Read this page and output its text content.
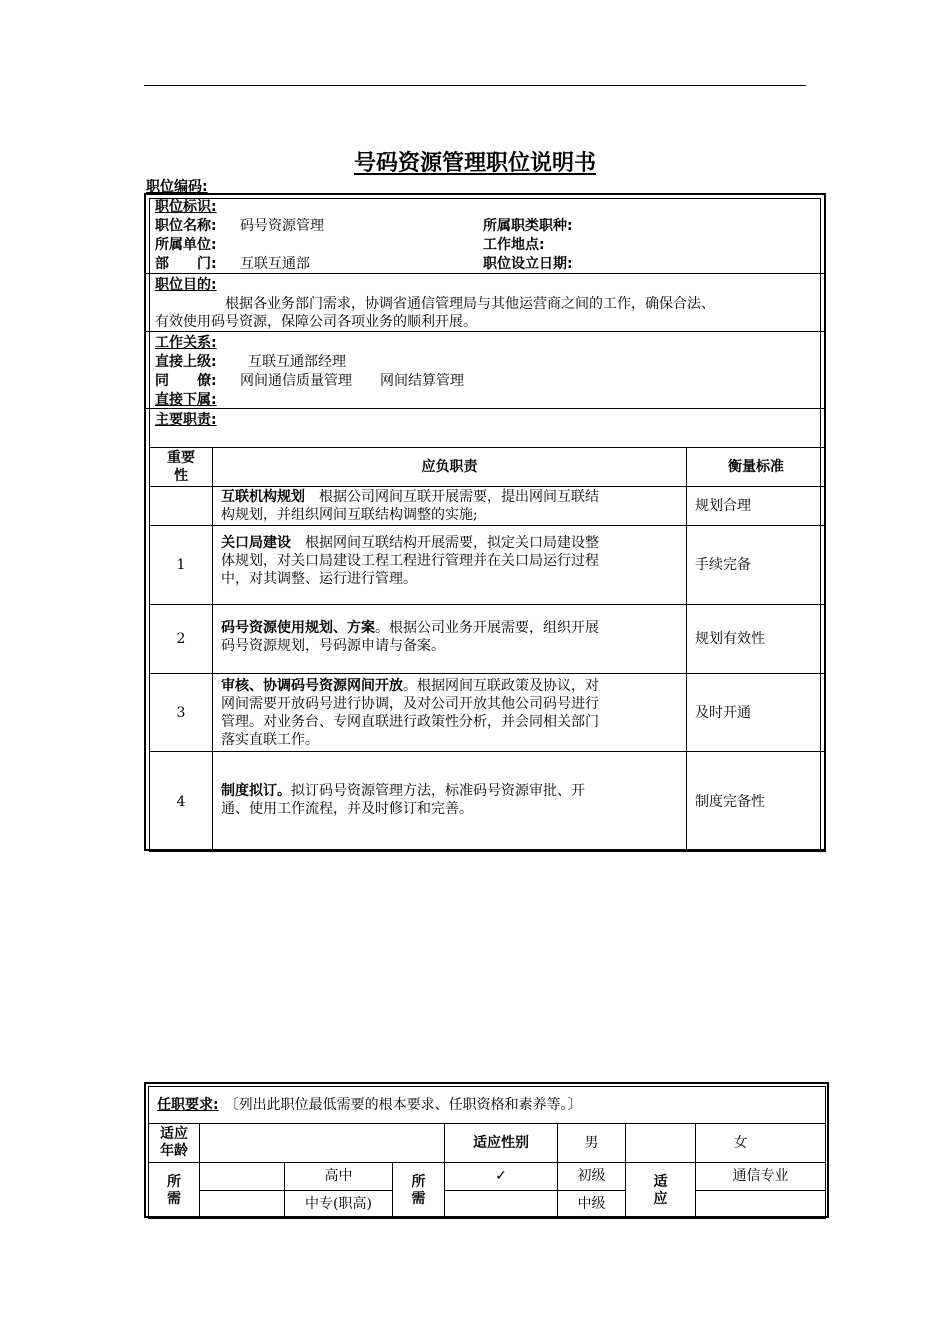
号码资源管理职位说明书
职位编码:
职位标识:
职位名称: 码号资源管理	所属职类职种:
所属单位:	工作地点:
部　　门: 互联互通部	职位设立日期:
职位目的:
根据各业务部门需求，协调省通信管理局与其他运营商之间的工作，确保合法、
有效使用码号资源，保障公司各项业务的顺利开展。
工作关系:
直接上级: 互联互通部经理
同　　僚: 网间通信质量管理　　网间结算管理
直接下属:
主要职责:
重要性	应负职责	衡量标准
	互联机构规划　根据公司网间互联开展需要，提出网间互联结
构规划，并组织网间互联结构调整的实施;	规划合理
1	关口局建设　根据网间互联结构开展需要，拟定关口局建设整
体规划，对关口局建设工程工程进行管理并在关口局运行过程
中，对其调整、运行进行管理。	手续完备
2	码号资源使用规划、方案。根据公司业务开展需要，组织开展
码号资源规划，号码源申请与备案。	规划有效性
3	审核、协调码号资源网间开放。根据网间互联政策及协议，对
网间需要开放码号进行协调，及对公司开放其他公司码号进行
管理。对业务台、专网直联进行政策性分析，并会同相关部门
落实直联工作。	及时开通
4	制度拟订。拟订码号资源管理方法，标准码号资源审批、开
通、使用工作流程，并及时修订和完善。	制度完备性
任职要求: 〔列出此职位最低需要的根本要求、任职资格和素养等。〕							
适应年龄				适应性别	男		女
所需		高中	所需	✓	初级	适应	通信专业
		中专(职高)			中级		
